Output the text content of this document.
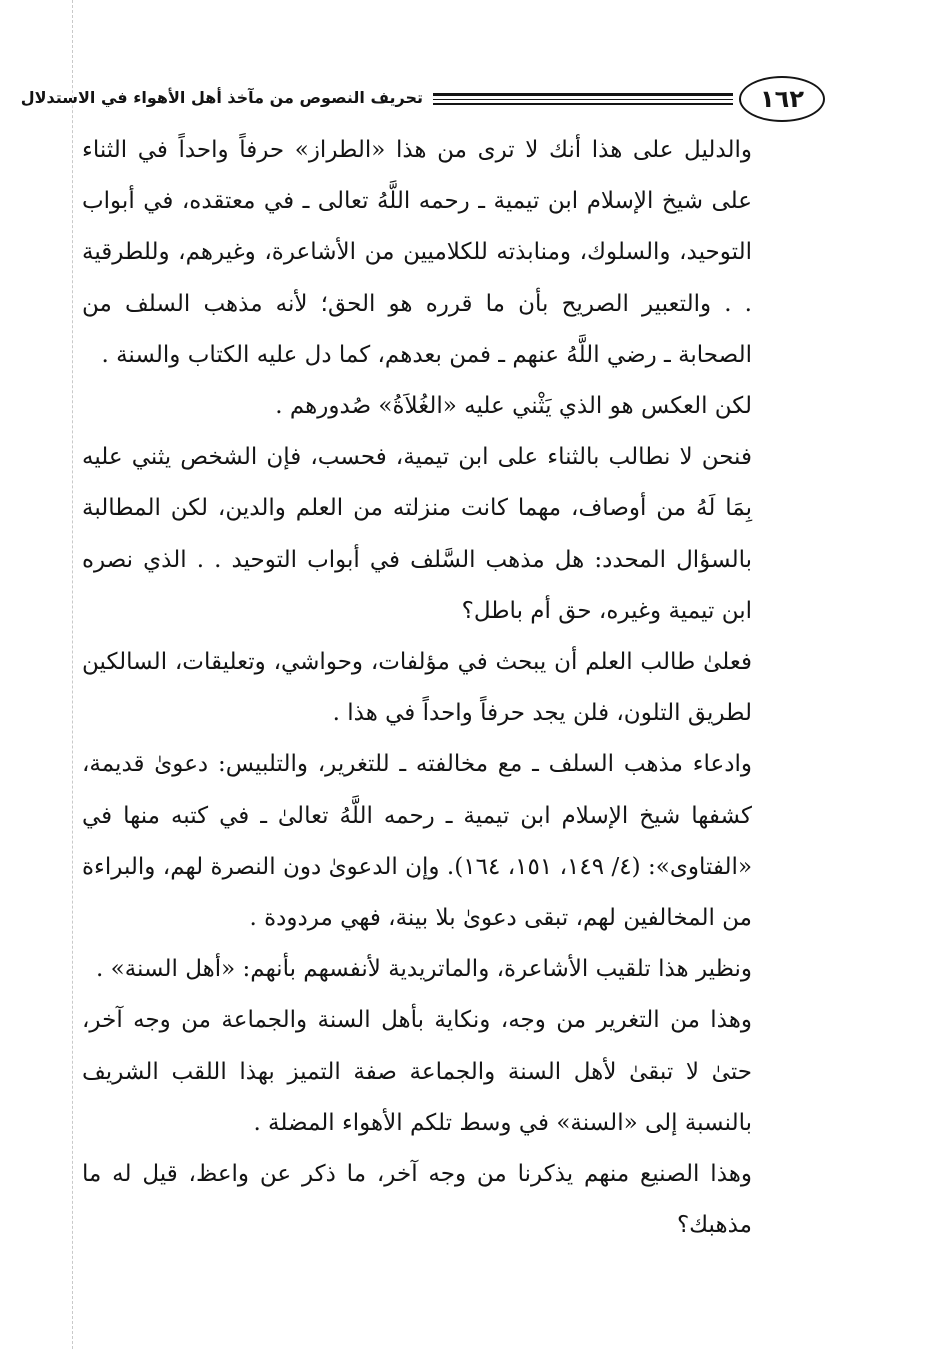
١٦٢
تحريف النصوص من مآخذ أهل الأهواء في الاستدلال

والدليل على هذا أنك لا ترى من هذا «الطراز» حرفاً واحداً في الثناء على شيخ الإسلام ابن تيمية ـ رحمه اللَّهُ تعالى ـ في معتقده، في أبواب التوحيد، والسلوك، ومنابذته للكلاميين من الأشاعرة، وغيرهم، وللطرقية . . والتعبير الصريح بأن ما قرره هو الحق؛ لأنه مذهب السلف من الصحابة ـ رضي اللَّهُ عنهم ـ فمن بعدهم، كما دل عليه الكتاب والسنة .

لكن العكس هو الذي يَثْني عليه «الغُلاَةُ» صُدورهم .

فنحن لا نطالب بالثناء على ابن تيمية، فحسب، فإن الشخص يثني عليه بِمَا لَهُ من أوصاف، مهما كانت منزلته من العلم والدين، لكن المطالبة بالسؤال المحدد: هل مذهب السَّلف في أبواب التوحيد . . الذي نصره ابن تيمية وغيره، حق أم باطل؟

فعلىٰ طالب العلم أن يبحث في مؤلفات، وحواشي، وتعليقات، السالكين لطريق التلون، فلن يجد حرفاً واحداً في هذا .

وادعاء مذهب السلف ـ مع مخالفته ـ للتغرير، والتلبيس: دعوىٰ قديمة، كشفها شيخ الإسلام ابن تيمية ـ رحمه اللَّهُ تعالىٰ ـ في كتبه منها في «الفتاوى»: (٤/ ١٤٩، ١٥١، ١٦٤). وإن الدعوىٰ دون النصرة لهم، والبراءة من المخالفين لهم، تبقى دعوىٰ بلا بينة، فهي مردودة .

ونظير هذا تلقيب الأشاعرة، والماتريدية لأنفسهم بأنهم: «أهل السنة» .

وهذا من التغرير من وجه، ونكاية بأهل السنة والجماعة من وجه آخر، حتىٰ لا تبقىٰ لأهل السنة والجماعة صفة التميز بهذا اللقب الشريف بالنسبة إلى «السنة» في وسط تلكم الأهواء المضلة .

وهذا الصنيع منهم يذكرنا من وجه آخر، ما ذكر عن واعظ، قيل له ما مذهبك؟
